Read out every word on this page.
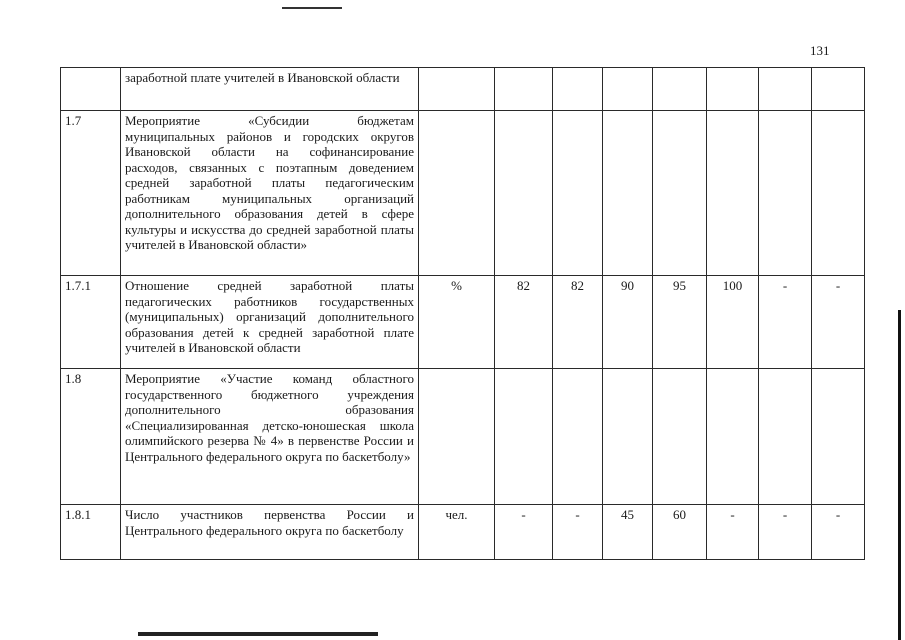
131
	заработной плате учителей в Ивановской области								
1.7	Мероприятие «Субсидии бюджетам муниципальных районов и городских округов Ивановской области на софинансирование расходов, связанных с поэтапным доведением средней заработной платы педагогическим работникам муниципальных организаций дополнительного образования детей в сфере культуры и искусства до средней заработной платы учителей в Ивановской области»								
1.7.1	Отношение средней заработной платы педагогических работников государственных (муниципальных) организаций дополнительного образования детей к средней заработной плате учителей в Ивановской области	%	82	82	90	95	100	-	-
1.8	Мероприятие «Участие команд областного государственного бюджетного учреждения дополнительного образования «Специализированная детско-юношеская школа олимпийского резерва № 4» в первенстве России и Центрального федерального округа по баскетболу»								
1.8.1	Число участников первенства России и Центрального федерального округа по баскетболу	чел.	-	-	45	60	-	-	-
